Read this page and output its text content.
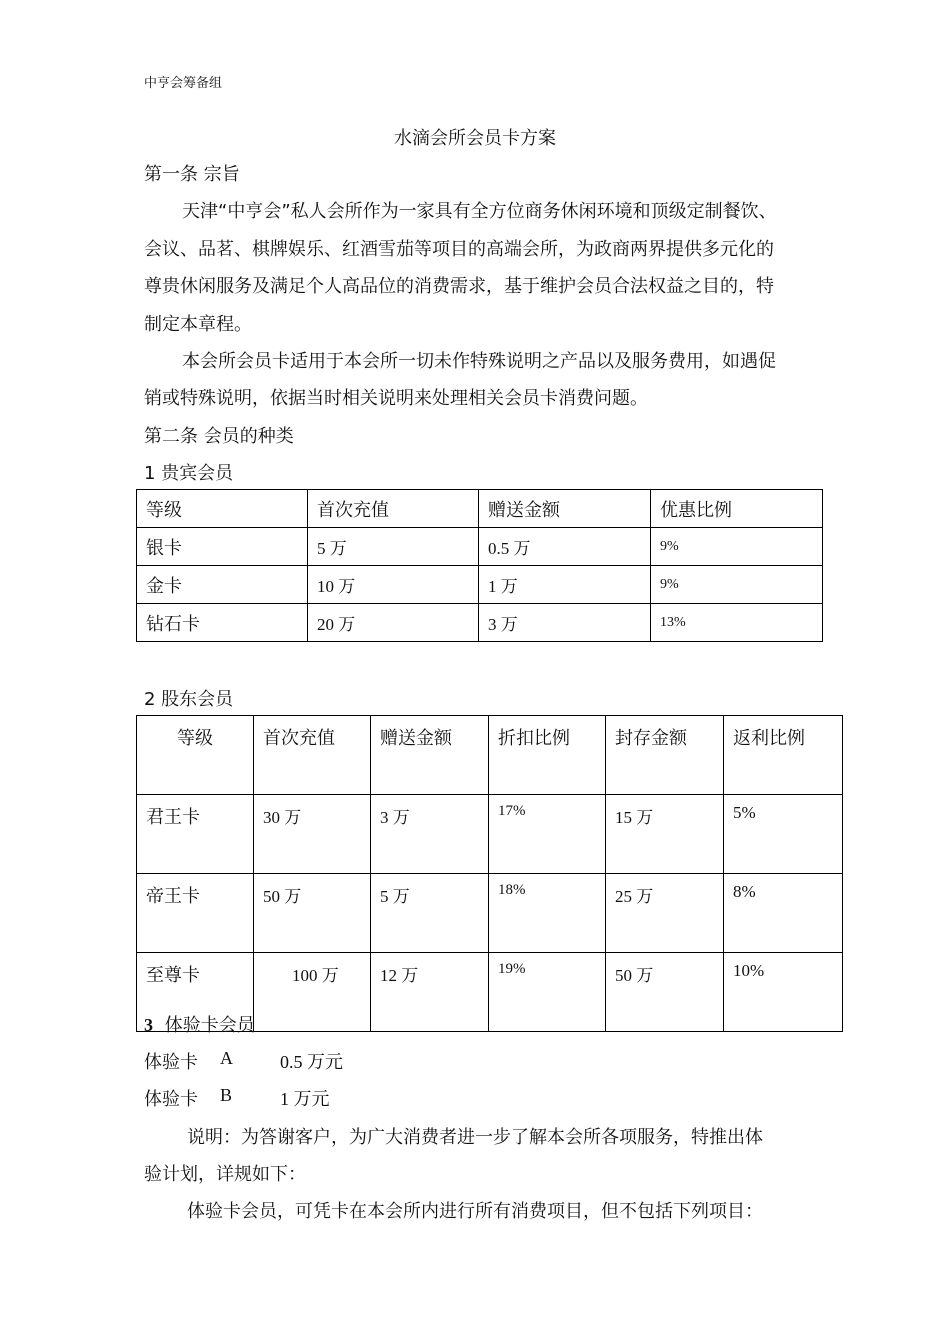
中亨会筹备组
水滴会所会员卡方案
第一条 宗旨
天津“中亨会”私人会所作为一家具有全方位商务休闲环境和顶级定制餐饮、
会议、品茗、棋牌娱乐、红酒雪茄等项目的高端会所，为政商两界提供多元化的
尊贵休闲服务及满足个人高品位的消费需求，基于维护会员合法权益之目的，特
制定本章程。
本会所会员卡适用于本会所一切未作特殊说明之产品以及服务费用，如遇促
销或特殊说明，依据当时相关说明来处理相关会员卡消费问题。
第二条 会员的种类
1 贵宾会员
等级	首次充值	赠送金额	优惠比例
银卡	5 万	0.5 万	9%
金卡	10 万	1 万	9%
钻石卡	20 万	3 万	13%
2 股东会员
等级	首次充值	赠送金额	折扣比例	封存金额	返利比例
君王卡	30 万	3 万	17%	15 万	5%
帝王卡	50 万	5 万	18%	25 万	8%
至尊卡	100 万	12 万	19%	50 万	10%
3 体验卡会员
体验卡 A	0.5 万元
体验卡 B	1 万元
说明：为答谢客户，为广大消费者进一步了解本会所各项服务，特推出体
验计划，详规如下：
体验卡会员，可凭卡在本会所内进行所有消费项目，但不包括下列项目：
